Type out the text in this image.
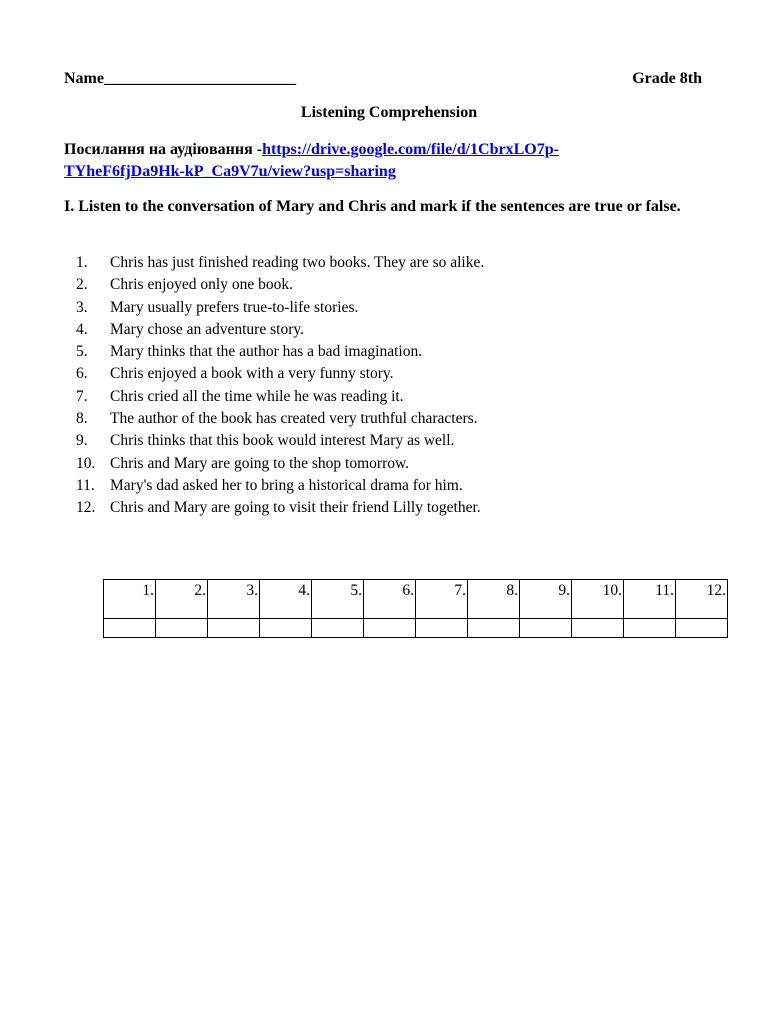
Name________________________	Grade 8th
Listening Comprehension
Посилання на аудіювання -https://drive.google.com/file/d/1CbrxLO7p-
TYheF6fjDa9Hk-kP_Ca9V7u/view?usp=sharing
I. Listen to the conversation of Mary and Chris and mark if the sentences are true or false.
1. Chris has just finished reading two books. They are so alike.
2. Chris enjoyed only one book.
3. Mary usually prefers true-to-life stories.
4. Mary chose an adventure story.
5. Mary thinks that the author has a bad imagination.
6. Chris enjoyed a book with a very funny story.
7. Chris cried all the time while he was reading it.
8. The author of the book has created very truthful characters.
9. Chris thinks that this book would interest Mary as well.
10. Chris and Mary are going to the shop tomorrow.
11. Mary's dad asked her to bring a historical drama for him.
12. Chris and Mary are going to visit their friend Lilly together.
1.	2.	3.	4.	5.	6.	7.	8.	9.	10.	11.	12.
